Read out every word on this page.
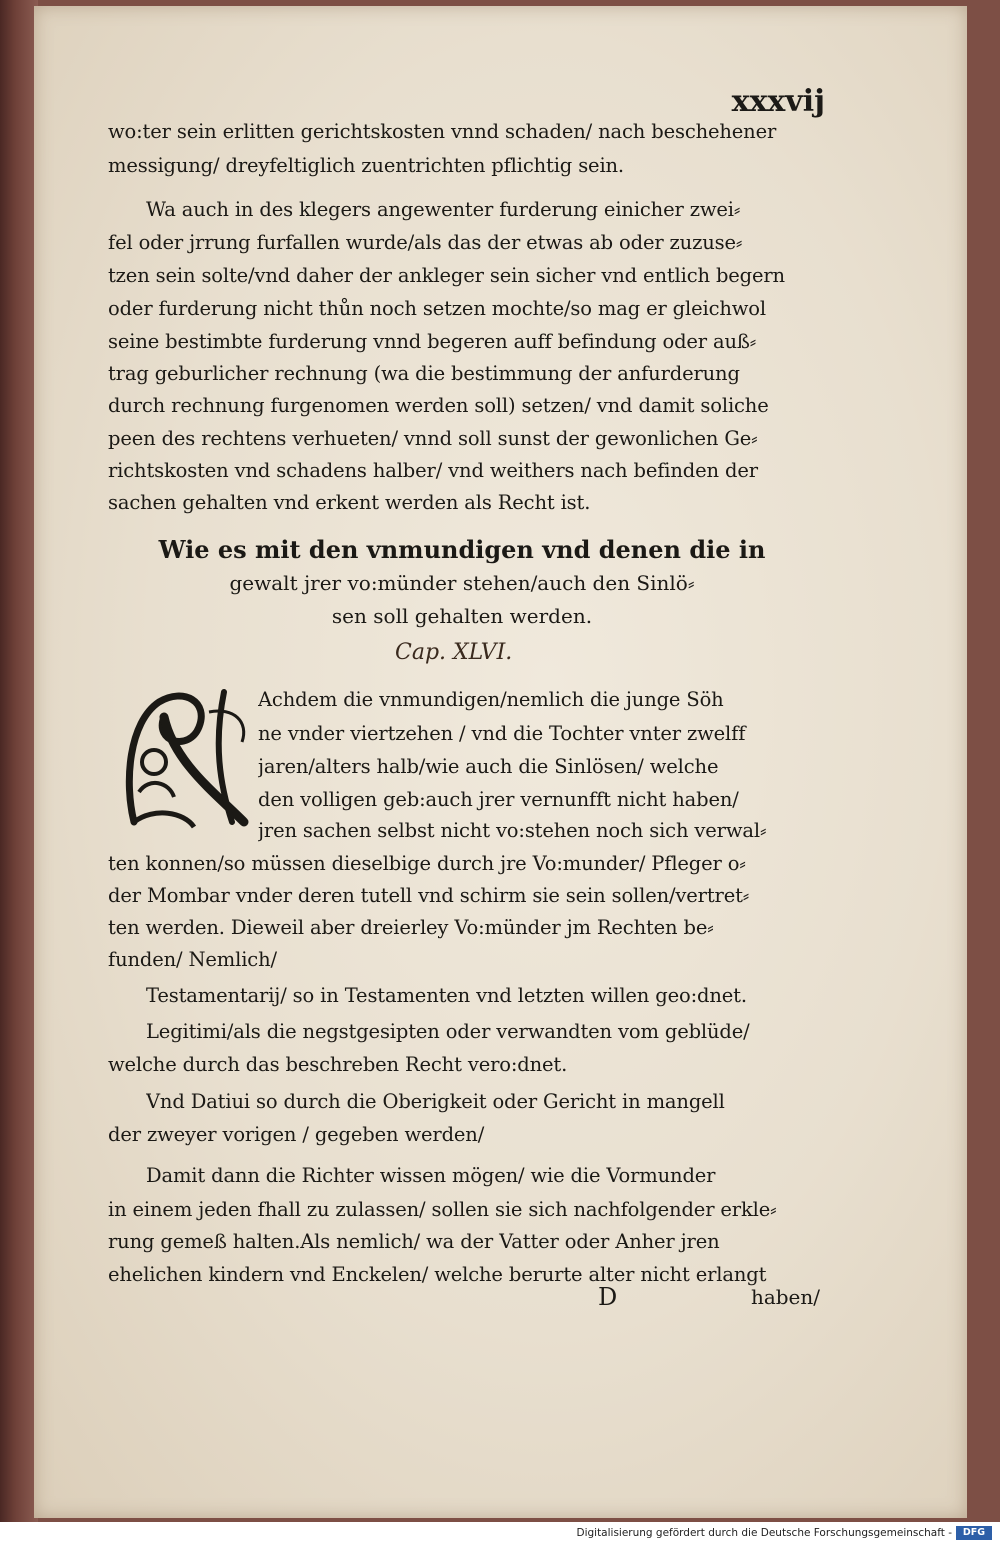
xxxvij
wo:ter sein erlitten gerichtskosten vnnd schaden/ nach beschehener
messigung/ dreyfeltiglich zuentrichten pflichtig sein.
Wa auch in des klegers angewenter furderung einicher zwei⸗
fel oder jrrung furfallen wurde/als das der etwas ab oder zuzuse⸗
tzen sein solte/vnd daher der ankleger sein sicher vnd entlich begern
oder furderung nicht thůn noch setzen mochte/so mag er gleichwol
seine bestimbte furderung vnnd begeren auff befindung oder auß⸗
trag geburlicher rechnung (wa die bestimmung der anfurderung
durch rechnung furgenomen werden soll) setzen/ vnd damit soliche
peen des rechtens verhueten/ vnnd soll sunst der gewonlichen Ge⸗
richtskosten vnd schadens halber/ vnd weithers nach befinden der
sachen gehalten vnd erkent werden als Recht ist.
Wie es mit den vnmundigen vnd denen die in
gewalt jrer vo:münder stehen/auch den Sinlö⸗
sen soll gehalten werden.
Cap. XLVI.
N
Achdem die vnmundigen/nemlich die junge Söh
ne vnder viertzehen / vnd die Tochter vnter zwelff
jaren/alters halb/wie auch die Sinlösen/ welche
den volligen geb:auch jrer vernunfft nicht haben/
jren sachen selbst nicht vo:stehen noch sich verwal⸗
ten konnen/so müssen dieselbige durch jre Vo:munder/ Pfleger o⸗
der Mombar vnder deren tutell vnd schirm sie sein sollen/vertret⸗
ten werden. Dieweil aber dreierley Vo:münder jm Rechten be⸗
funden/ Nemlich/
Testamentarij/ so in Testamenten vnd letzten willen geo:dnet.
Legitimi/als die negstgesipten oder verwandten vom geblüde/
welche durch das beschreben Recht vero:dnet.
Vnd Datiui so durch die Oberigkeit oder Gericht in mangell
der zweyer vorigen / gegeben werden/
Damit dann die Richter wissen mögen/ wie die Vormunder
in einem jeden fhall zu zulassen/ sollen sie sich nachfolgender erkle⸗
rung gemeß halten.Als nemlich/ wa der Vatter oder Anher jren
ehelichen kindern vnd Enckelen/ welche berurte alter nicht erlangt
D	haben/
Digitalisierung gefördert durch die Deutsche Forschungsgemeinschaft -	DFG
